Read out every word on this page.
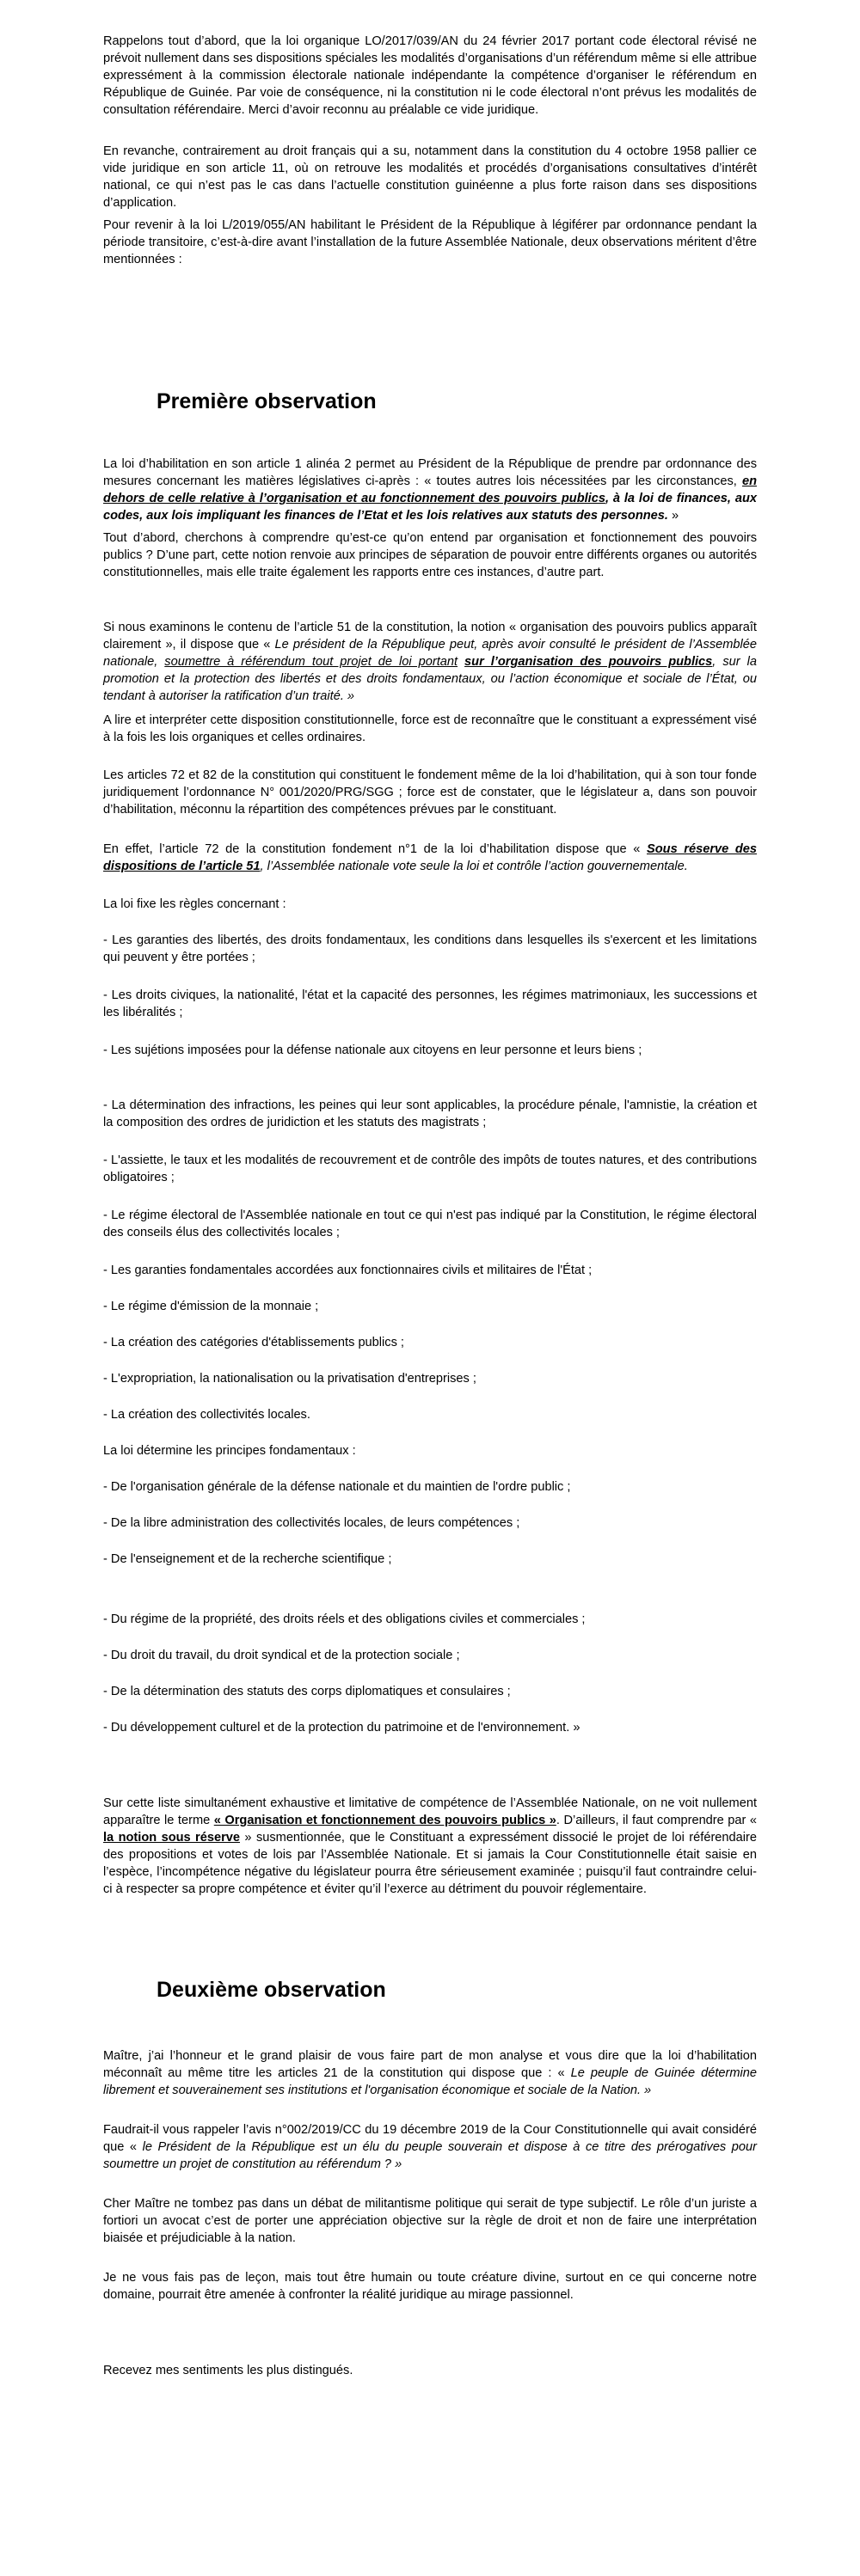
Rappelons tout d’abord, que la loi organique LO/2017/039/AN du 24 février 2017 portant code électoral révisé ne prévoit nullement dans ses dispositions spéciales les modalités d’organisations d’un référendum même si elle attribue expressément à la commission électorale nationale indépendante la compétence d’organiser le référendum en République de Guinée. Par voie de conséquence, ni la constitution ni le code électoral n’ont prévus les modalités de consultation référendaire. Merci d’avoir reconnu au préalable ce vide juridique.

En revanche, contrairement au droit français qui a su, notamment dans la constitution du 4 octobre 1958 pallier ce vide juridique en son article 11, où on retrouve les modalités et procédés d’organisations consultatives d’intérêt national, ce qui n’est pas le cas dans l’actuelle constitution guinéenne a plus forte raison dans ses dispositions d’application.

Pour revenir à la loi L/2019/055/AN habilitant le Président de la République à légiférer par ordonnance pendant la période transitoire, c’est-à-dire avant l’installation de la future Assemblée Nationale, deux observations méritent d’être mentionnées :

Première observation

La loi d’habilitation en son article 1 alinéa 2 permet au Président de la République de prendre par ordonnance des mesures concernant les matières législatives ci-après : « toutes autres lois nécessitées par les circonstances, en dehors de celle relative à l’organisation et au fonctionnement des pouvoirs publics, à la loi de finances, aux codes, aux lois impliquant les finances de l’Etat et les lois relatives aux statuts des personnes. »

Tout d’abord, cherchons à comprendre qu’est-ce qu’on entend par organisation et fonctionnement des pouvoirs publics ? D’une part, cette notion renvoie aux principes de séparation de pouvoir entre différents organes ou autorités constitutionnelles, mais elle traite également les rapports entre ces instances, d’autre part.

Si nous examinons le contenu de l’article 51 de la constitution, la notion « organisation des pouvoirs publics apparaît clairement », il dispose que « Le président de la République peut, après avoir consulté le président de l’Assemblée nationale, soumettre à référendum tout projet de loi portant sur l’organisation des pouvoirs publics, sur la promotion et la protection des libertés et des droits fondamentaux, ou l’action économique et sociale de l’État, ou tendant à autoriser la ratification d’un traité. »

A lire et interpréter cette disposition constitutionnelle, force est de reconnaître que le constituant a expressément visé à la fois les lois organiques et celles ordinaires.

Les articles 72 et 82 de la constitution qui constituent le fondement même de la loi d’habilitation, qui à son tour fonde juridiquement l’ordonnance N° 001/2020/PRG/SGG ; force est de constater, que le législateur a, dans son pouvoir d’habilitation, méconnu la répartition des compétences prévues par le constituant.

En effet, l’article 72 de la constitution fondement n°1 de la loi d’habilitation dispose que « Sous réserve des dispositions de l’article 51, l’Assemblée nationale vote seule la loi et contrôle l’action gouvernementale.

La loi fixe les règles concernant :

- Les garanties des libertés, des droits fondamentaux, les conditions dans lesquelles ils s'exercent et les limitations qui peuvent y être portées ;

- Les droits civiques, la nationalité, l'état et la capacité des personnes, les régimes matrimoniaux, les successions et les libéralités ;

- Les sujétions imposées pour la défense nationale aux citoyens en leur personne et leurs biens ;

- La détermination des infractions, les peines qui leur sont applicables, la procédure pénale, l'amnistie, la création et la composition des ordres de juridiction et les statuts des magistrats ;

- L'assiette, le taux et les modalités de recouvrement et de contrôle des impôts de toutes natures, et des contributions obligatoires ;

- Le régime électoral de l'Assemblée nationale en tout ce qui n'est pas indiqué par la Constitution, le régime électoral des conseils élus des collectivités locales ;

- Les garanties fondamentales accordées aux fonctionnaires civils et militaires de l'État ;

- Le régime d'émission de la monnaie ;

- La création des catégories d'établissements publics ;

- L'expropriation, la nationalisation ou la privatisation d'entreprises ;

- La création des collectivités locales.

La loi détermine les principes fondamentaux :

- De l'organisation générale de la défense nationale et du maintien de l'ordre public ;

- De la libre administration des collectivités locales, de leurs compétences ;

- De l'enseignement et de la recherche scientifique ;

- Du régime de la propriété, des droits réels et des obligations civiles et commerciales ;

- Du droit du travail, du droit syndical et de la protection sociale ;

- De la détermination des statuts des corps diplomatiques et consulaires ;

- Du développement culturel et de la protection du patrimoine et de l'environnement. »

Sur cette liste simultanément exhaustive et limitative de compétence de l’Assemblée Nationale, on ne voit nullement apparaître le terme « Organisation et fonctionnement des pouvoirs publics ». D’ailleurs, il faut comprendre par « la notion sous réserve » susmentionnée, que le Constituant a expressément dissocié le projet de loi référendaire des propositions et votes de lois par l’Assemblée Nationale. Et si jamais la Cour Constitutionnelle était saisie en l’espèce, l’incompétence négative du législateur pourra être sérieusement examinée ; puisqu’il faut contraindre celui-ci à respecter sa propre compétence et éviter qu’il l’exerce au détriment du pouvoir réglementaire.

Deuxième observation

Maître, j’ai l’honneur et le grand plaisir de vous faire part de mon analyse et vous dire que la loi d’habilitation méconnaît au même titre les articles 21 de la constitution qui dispose que : « Le peuple de Guinée détermine librement et souverainement ses institutions et l'organisation économique et sociale de la Nation. »

Faudrait-il vous rappeler l’avis n°002/2019/CC du 19 décembre 2019 de la Cour Constitutionnelle qui avait considéré que « le Président de la République est un élu du peuple souverain et dispose à ce titre des prérogatives pour soumettre un projet de constitution au référendum ? »

Cher Maître ne tombez pas dans un débat de militantisme politique qui serait de type subjectif. Le rôle d’un juriste a fortiori un avocat c’est de porter une appréciation objective sur la règle de droit et non de faire une interprétation biaisée et préjudiciable à la nation.

Je ne vous fais pas de leçon, mais tout être humain ou toute créature divine, surtout en ce qui concerne notre domaine, pourrait être amenée à confronter la réalité juridique au mirage passionnel.

Recevez mes sentiments les plus distingués.
